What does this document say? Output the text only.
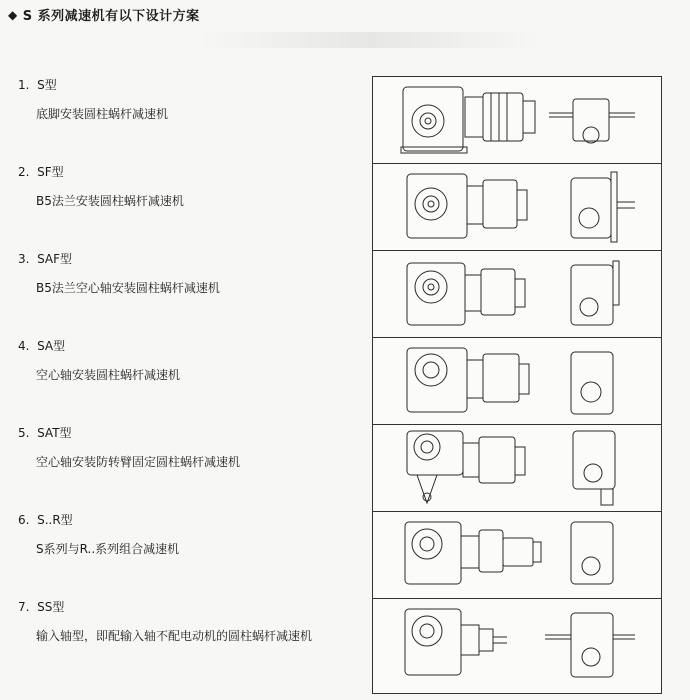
◆ S 系列减速机有以下设计方案
1. S型
底脚安装圆柱蜗杆减速机
2. SF型
B5法兰安装圆柱蜗杆减速机
3. SAF型
B5法兰空心轴安装圆柱蜗杆减速机
4. SA型
空心轴安装圆柱蜗杆减速机
5. SAT型
空心轴安装防转臂固定圆柱蜗杆减速机
6. S..R型
S系列与R..系列组合减速机
7. SS型
输入轴型，即配输入轴不配电动机的圆柱蜗杆减速机
